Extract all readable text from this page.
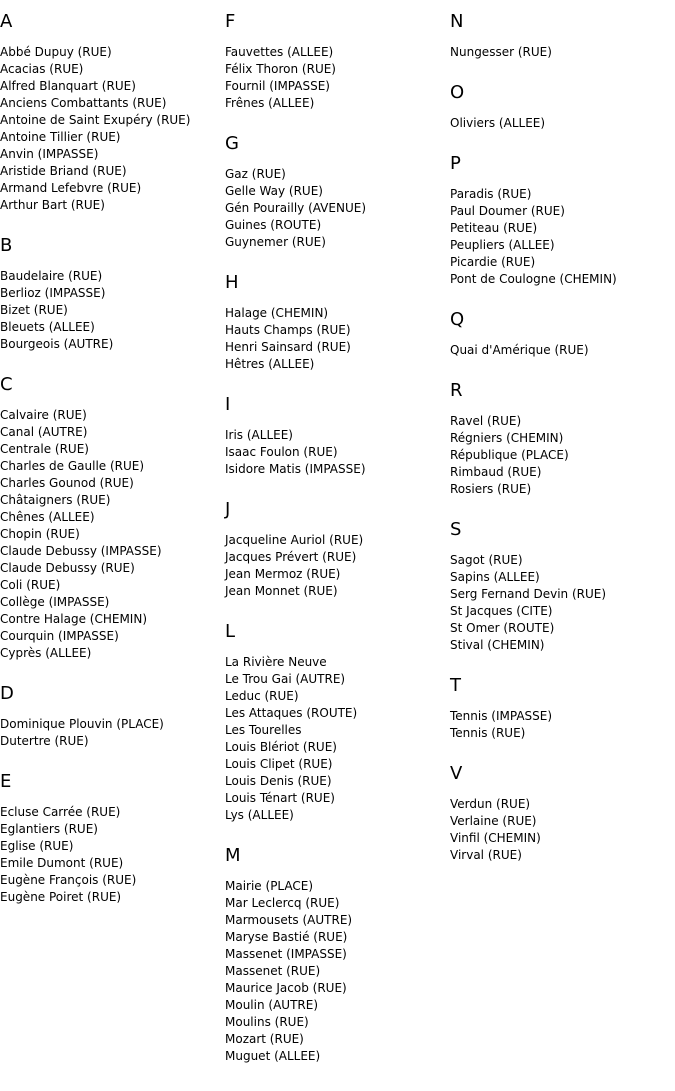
A
Abbé Dupuy (RUE)
Acacias (RUE)
Alfred Blanquart (RUE)
Anciens Combattants (RUE)
Antoine de Saint Exupéry (RUE)
Antoine Tillier (RUE)
Anvin (IMPASSE)
Aristide Briand (RUE)
Armand Lefebvre (RUE)
Arthur Bart (RUE)
B
Baudelaire (RUE)
Berlioz (IMPASSE)
Bizet (RUE)
Bleuets (ALLEE)
Bourgeois (AUTRE)
C
Calvaire (RUE)
Canal (AUTRE)
Centrale (RUE)
Charles de Gaulle (RUE)
Charles Gounod (RUE)
Châtaigners (RUE)
Chênes (ALLEE)
Chopin (RUE)
Claude Debussy (IMPASSE)
Claude Debussy (RUE)
Coli (RUE)
Collège (IMPASSE)
Contre Halage (CHEMIN)
Courquin (IMPASSE)
Cyprès (ALLEE)
D
Dominique Plouvin (PLACE)
Dutertre (RUE)
E
Ecluse Carrée (RUE)
Eglantiers (RUE)
Eglise (RUE)
Emile Dumont (RUE)
Eugène François (RUE)
Eugène Poiret (RUE)
F
Fauvettes (ALLEE)
Félix Thoron (RUE)
Fournil (IMPASSE)
Frênes (ALLEE)
G
Gaz (RUE)
Gelle Way (RUE)
Gén Pourailly (AVENUE)
Guines (ROUTE)
Guynemer (RUE)
H
Halage (CHEMIN)
Hauts Champs (RUE)
Henri Sainsard (RUE)
Hêtres (ALLEE)
I
Iris (ALLEE)
Isaac Foulon (RUE)
Isidore Matis (IMPASSE)
J
Jacqueline Auriol (RUE)
Jacques Prévert (RUE)
Jean Mermoz (RUE)
Jean Monnet (RUE)
L
La Rivière Neuve
Le Trou Gai (AUTRE)
Leduc (RUE)
Les Attaques (ROUTE)
Les Tourelles
Louis Blériot (RUE)
Louis Clipet (RUE)
Louis Denis (RUE)
Louis Ténart (RUE)
Lys (ALLEE)
M
Mairie (PLACE)
Mar Leclercq (RUE)
Marmousets (AUTRE)
Maryse Bastié (RUE)
Massenet (IMPASSE)
Massenet (RUE)
Maurice Jacob (RUE)
Moulin (AUTRE)
Moulins (RUE)
Mozart (RUE)
Muguet (ALLEE)
N
Nungesser (RUE)
O
Oliviers (ALLEE)
P
Paradis (RUE)
Paul Doumer (RUE)
Petiteau (RUE)
Peupliers (ALLEE)
Picardie (RUE)
Pont de Coulogne (CHEMIN)
Q
Quai d'Amérique (RUE)
R
Ravel (RUE)
Régniers (CHEMIN)
République (PLACE)
Rimbaud (RUE)
Rosiers (RUE)
S
Sagot (RUE)
Sapins (ALLEE)
Serg Fernand Devin (RUE)
St Jacques (CITE)
St Omer (ROUTE)
Stival (CHEMIN)
T
Tennis (IMPASSE)
Tennis (RUE)
V
Verdun (RUE)
Verlaine (RUE)
Vinfil (CHEMIN)
Virval (RUE)
